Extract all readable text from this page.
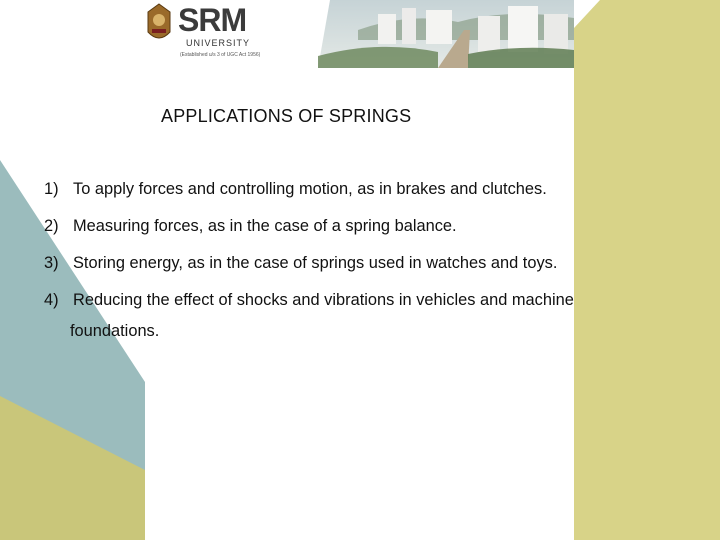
SRM
UNIVERSITY
(Established u/s 3 of UGC Act 1956)
APPLICATIONS OF SPRINGS
1) To apply forces and controlling motion, as in brakes and clutches.
2) Measuring forces, as in the case of a spring balance.
3) Storing energy, as in the case of springs used in watches and toys.
4) Reducing the effect of shocks and vibrations in vehicles and machine
foundations.
